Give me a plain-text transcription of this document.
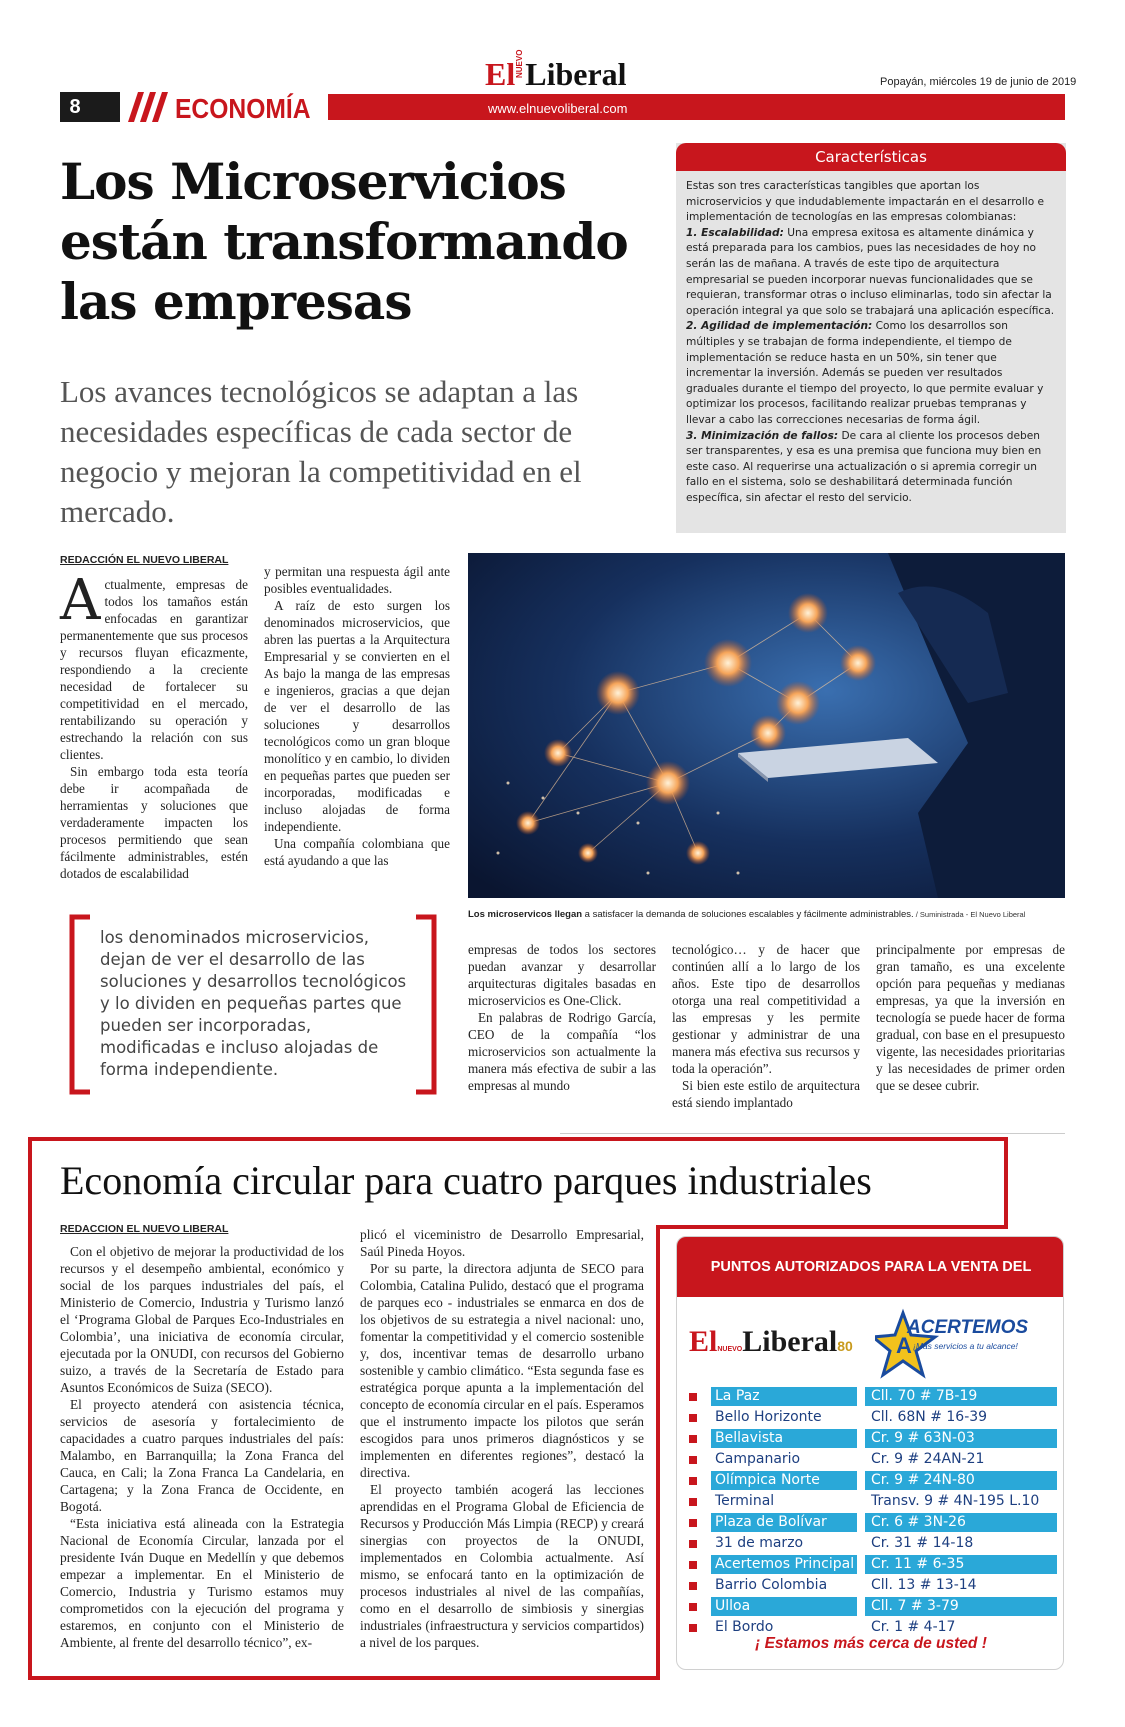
8	ECONOMÍA
ElNUEVOLiberal
www.elnuevoliberal.com
Popayán, miércoles 19 de junio de 2019
Los Microservicios
están transformando
las empresas
Los avances tecnológicos se adaptan a las necesidades específicas de cada sector de negocio y mejoran la competitividad en el mercado.
Características
Estas son tres características tangibles que aportan los microservicios y que indudablemente impactarán en el desarrollo e implementación de tecnologías en las empresas colombianas:
1. Escalabilidad: Una empresa exitosa es altamente dinámica y está preparada para los cambios, pues las necesidades de hoy no serán las de mañana. A través de este tipo de arquitectura empresarial se pueden incorporar nuevas funcionalidades que se requieran, transformar otras o incluso eliminarlas, todo sin afectar la operación integral ya que solo se trabajará una aplicación específica.
2. Agilidad de implementación: Como los desarrollos son múltiples y se trabajan de forma independiente, el tiempo de implementación se reduce hasta en un 50%, sin tener que incrementar la inversión. Además se pueden ver resultados graduales durante el tiempo del proyecto, lo que permite evaluar y optimizar los procesos, facilitando realizar pruebas tempranas y llevar a cabo las correcciones necesarias de forma ágil.
3. Minimización de fallos: De cara al cliente los procesos deben ser transparentes, y esa es una premisa que funciona muy bien en este caso. Al requerirse una actualización o si apremia corregir un fallo en el sistema, solo se deshabilitará determinada función específica, sin afectar el resto del servicio.
REDACCIÓN EL NUEVO LIBERAL
Actualmente, empresas de todos los tamaños están enfocadas en garantizar permanentemente que sus procesos y recursos fluyan eficazmente, respondiendo a la creciente necesidad de fortalecer su competitividad en el mercado, rentabilizando su operación y estrechando la relación con sus clientes.

Sin embargo toda esta teoría debe ir acompañada de herramientas y soluciones que verdaderamente impacten los procesos permitiendo que sean fácilmente administrables, estén dotados de escalabilidad

y permitan una respuesta ágil ante posibles eventualidades.

A raíz de esto surgen los denominados microservicios, que abren las puertas a la Arquitectura Empresarial y se convierten en el As bajo la manga de las empresas e ingenieros, gracias a que dejan de ver el desarrollo de las soluciones y desarrollos tecnológicos como un gran bloque monolítico y en cambio, lo dividen en pequeñas partes que pueden ser incorporadas, modificadas e incluso alojadas de forma independiente.

Una compañía colombiana que está ayudando a que las

Los microservicos llegan a satisfacer la demanda de soluciones escalables y fácilmente administrables. / Suministrada - El Nuevo Liberal
los denominados microservicios, dejan de ver el desarrollo de las soluciones y desarrollos tecnológicos y lo dividen en pequeñas partes que pueden ser incorporadas, modificadas e incluso alojadas de forma independiente.
empresas de todos los sectores puedan avanzar y desarrollar arquitecturas digitales basadas en microservicios es One-Click.

En palabras de Rodrigo García, CEO de la compañía “los microservicios son actualmente la manera más efectiva de subir a las empresas al mundo

tecnológico… y de hacer que continúen allí a lo largo de los años. Este tipo de desarrollos otorga una real competitividad a las empresas y les permite gestionar y administrar de una manera más efectiva sus recursos y toda la operación”.

Si bien este estilo de arquitectura está siendo implantado

principalmente por empresas de gran tamaño, es una excelente opción para pequeñas y medianas empresas, ya que la inversión en tecnología se puede hacer de forma gradual, con base en el presupuesto vigente, las necesidades prioritarias y las necesidades de primer orden que se desee cubrir.
Economía circular para cuatro parques industriales
REDACCION EL NUEVO LIBERAL

Con el objetivo de mejorar la productividad de los recursos y el desempeño ambiental, económico y social de los parques industriales del país, el Ministerio de Comercio, Industria y Turismo lanzó el ‘Programa Global de Parques Eco-Industriales en Colombia’, una iniciativa de economía circular, ejecutada por la ONUDI, con recursos del Gobierno suizo, a través de la Secretaría de Estado para Asuntos Económicos de Suiza (SECO).

El proyecto atenderá con asistencia técnica, servicios de asesoría y fortalecimiento de capacidades a cuatro parques industriales del país: Malambo, en Barranquilla; la Zona Franca del Cauca, en Cali; la Zona Franca La Candelaria, en Cartagena; y la Zona Franca de Occidente, en Bogotá.

“Esta iniciativa está alineada con la Estrategia Nacional de Economía Circular, lanzada por el presidente Iván Duque en Medellín y que debemos empezar a implementar. En el Ministerio de Comercio, Industria y Turismo estamos muy comprometidos con la ejecución del programa y estaremos, en conjunto con el Ministerio de Ambiente, al frente del desarrollo técnico”, ex-

plicó el viceministro de Desarrollo Empresarial, Saúl Pineda Hoyos.

Por su parte, la directora adjunta de SECO para Colombia, Catalina Pulido, destacó que el programa de parques eco - industriales se enmarca en dos de los objetivos de su estrategia a nivel nacional: uno, fomentar la competitividad y el comercio sostenible y, dos, incentivar temas de desarrollo urbano sostenible y cambio climático. “Esta segunda fase es estratégica porque apunta a la implementación del concepto de economía circular en el país. Esperamos que el instrumento impacte los pilotos que serán escogidos para unos primeros diagnósticos y se implementen en diferentes regiones”, destacó la directiva.

El proyecto también acogerá las lecciones aprendidas en el Programa Global de Eficiencia de Recursos y Producción Más Limpia (RECP) y creará sinergias con proyectos de la ONUDI, implementados en Colombia actualmente. Así mismo, se enfocará tanto en la optimización de procesos industriales al nivel de las compañías, como en el desarrollo de simbiosis y sinergias industriales (infraestructura y servicios compartidos) a nivel de los parques.

PUNTOS AUTORIZADOS PARA LA VENTA DEL PERIÓDICO
ElNUEVOLiberal80 A
ACERTEMOS
¡Más servicios a tu alcance!
La Paz	Cll. 70 # 7B-19
Bello Horizonte	Cll. 68N # 16-39
Bellavista	Cr. 9 # 63N-03
Campanario	Cr. 9 # 24AN-21
Olímpica Norte	Cr. 9 # 24N-80
Terminal	Transv. 9 # 4N-195 L.10
Plaza de Bolívar	Cr. 6 # 3N-26
31 de marzo	Cr. 31 # 14-18
Acertemos Principal	Cr. 11 # 6-35
Barrio Colombia	Cll. 13 # 13-14
Ulloa	Cll. 7 # 3-79
El Bordo	Cr. 1 # 4-17
¡ Estamos más cerca de usted !
